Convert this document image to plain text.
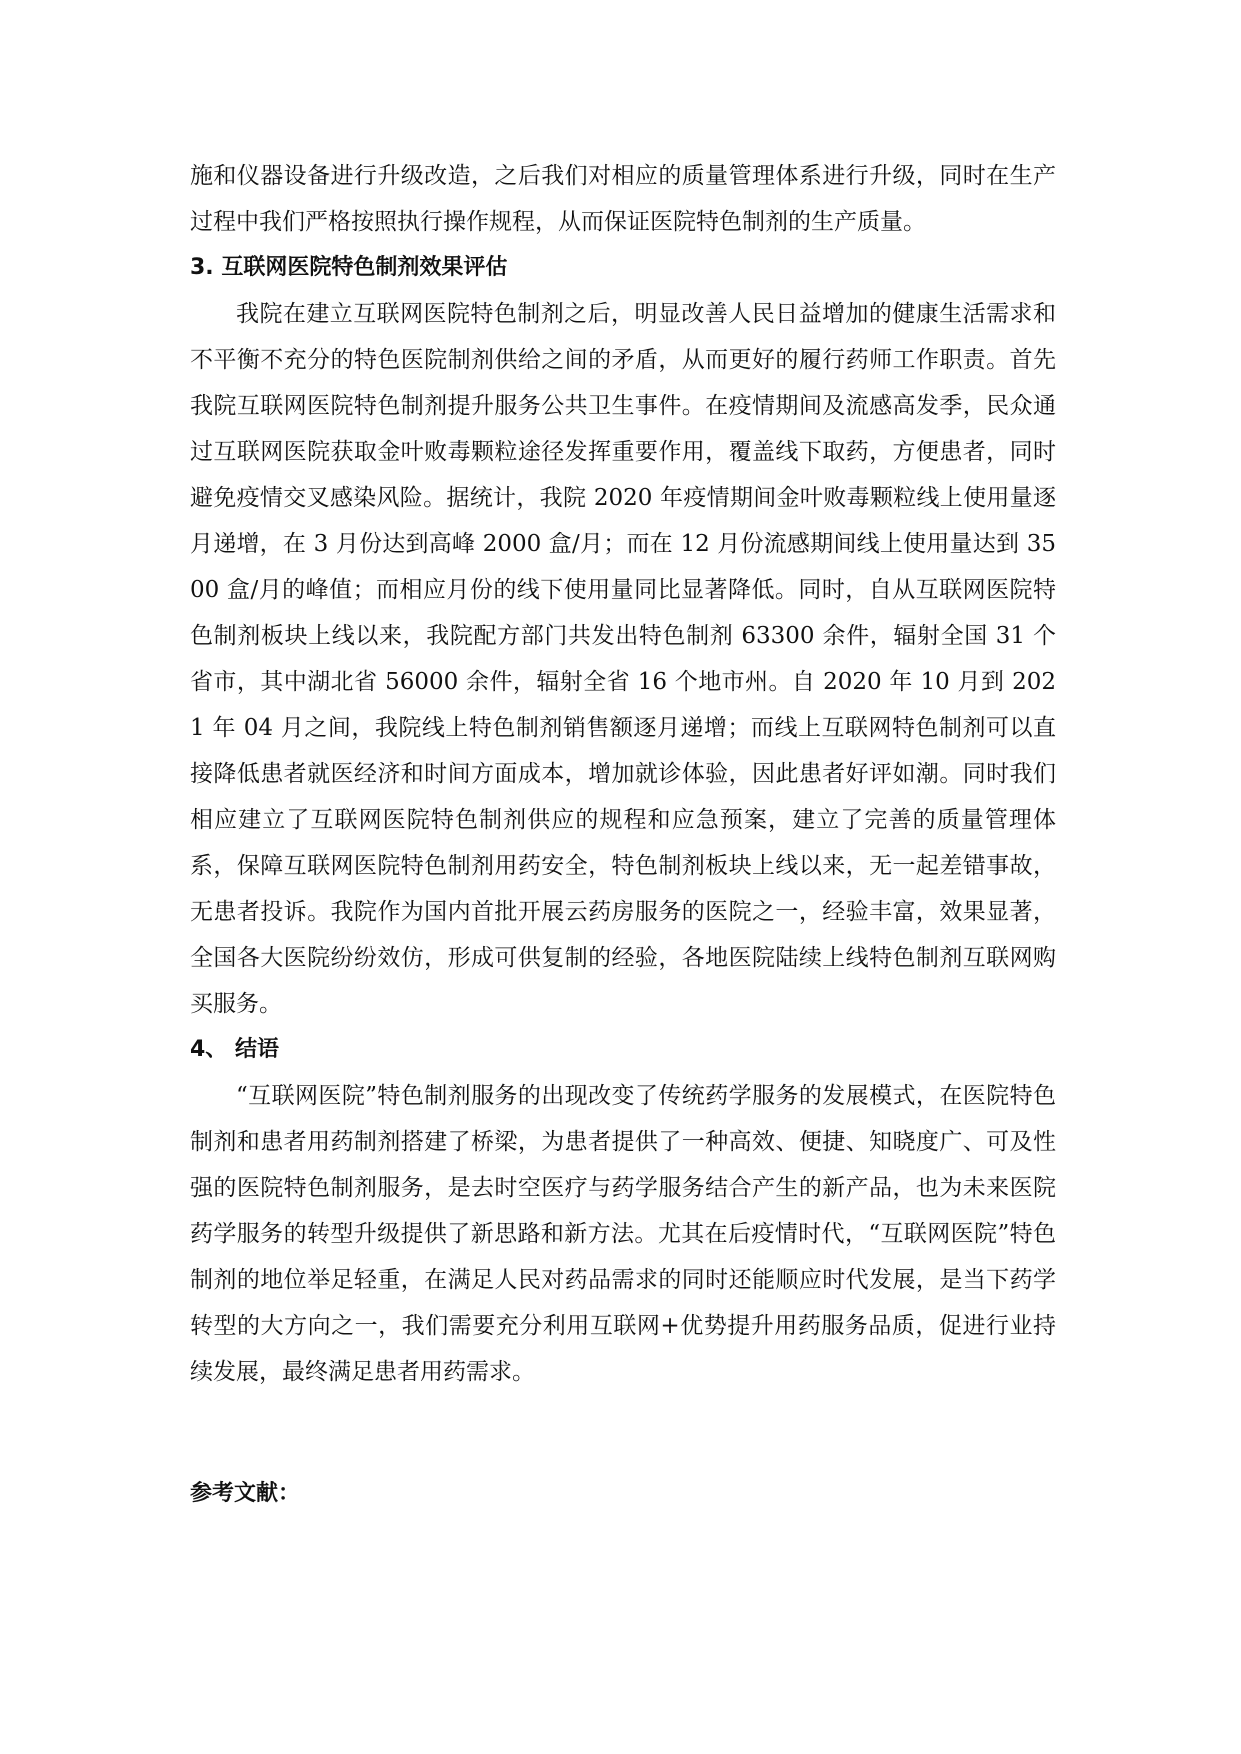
施和仪器设备进行升级改造，之后我们对相应的质量管理体系进行升级，同时在生产过程中我们严格按照执行操作规程，从而保证医院特色制剂的生产质量。

3. 互联网医院特色制剂效果评估

我院在建立互联网医院特色制剂之后，明显改善人民日益增加的健康生活需求和不平衡不充分的特色医院制剂供给之间的矛盾，从而更好的履行药师工作职责。首先我院互联网医院特色制剂提升服务公共卫生事件。在疫情期间及流感高发季，民众通过互联网医院获取金叶败毒颗粒途径发挥重要作用，覆盖线下取药，方便患者，同时避免疫情交叉感染风险。据统计，我院 2020 年疫情期间金叶败毒颗粒线上使用量逐月递增，在 3 月份达到高峰 2000 盒/月；而在 12 月份流感期间线上使用量达到 3500 盒/月的峰值；而相应月份的线下使用量同比显著降低。同时，自从互联网医院特色制剂板块上线以来，我院配方部门共发出特色制剂 63300 余件，辐射全国 31 个省市，其中湖北省 56000 余件，辐射全省 16 个地市州。自 2020 年 10 月到 2021 年 04 月之间，我院线上特色制剂销售额逐月递增；而线上互联网特色制剂可以直接降低患者就医经济和时间方面成本，增加就诊体验，因此患者好评如潮。同时我们相应建立了互联网医院特色制剂供应的规程和应急预案，建立了完善的质量管理体系，保障互联网医院特色制剂用药安全，特色制剂板块上线以来，无一起差错事故，无患者投诉。我院作为国内首批开展云药房服务的医院之一，经验丰富，效果显著，全国各大医院纷纷效仿，形成可供复制的经验，各地医院陆续上线特色制剂互联网购买服务。

4、 结语

“互联网医院”特色制剂服务的出现改变了传统药学服务的发展模式，在医院特色制剂和患者用药制剂搭建了桥梁，为患者提供了一种高效、便捷、知晓度广、可及性强的医院特色制剂服务，是去时空医疗与药学服务结合产生的新产品，也为未来医院药学服务的转型升级提供了新思路和新方法。尤其在后疫情时代，“互联网医院”特色制剂的地位举足轻重，在满足人民对药品需求的同时还能顺应时代发展，是当下药学转型的大方向之一，我们需要充分利用互联网+优势提升用药服务品质，促进行业持续发展，最终满足患者用药需求。

参考文献：
